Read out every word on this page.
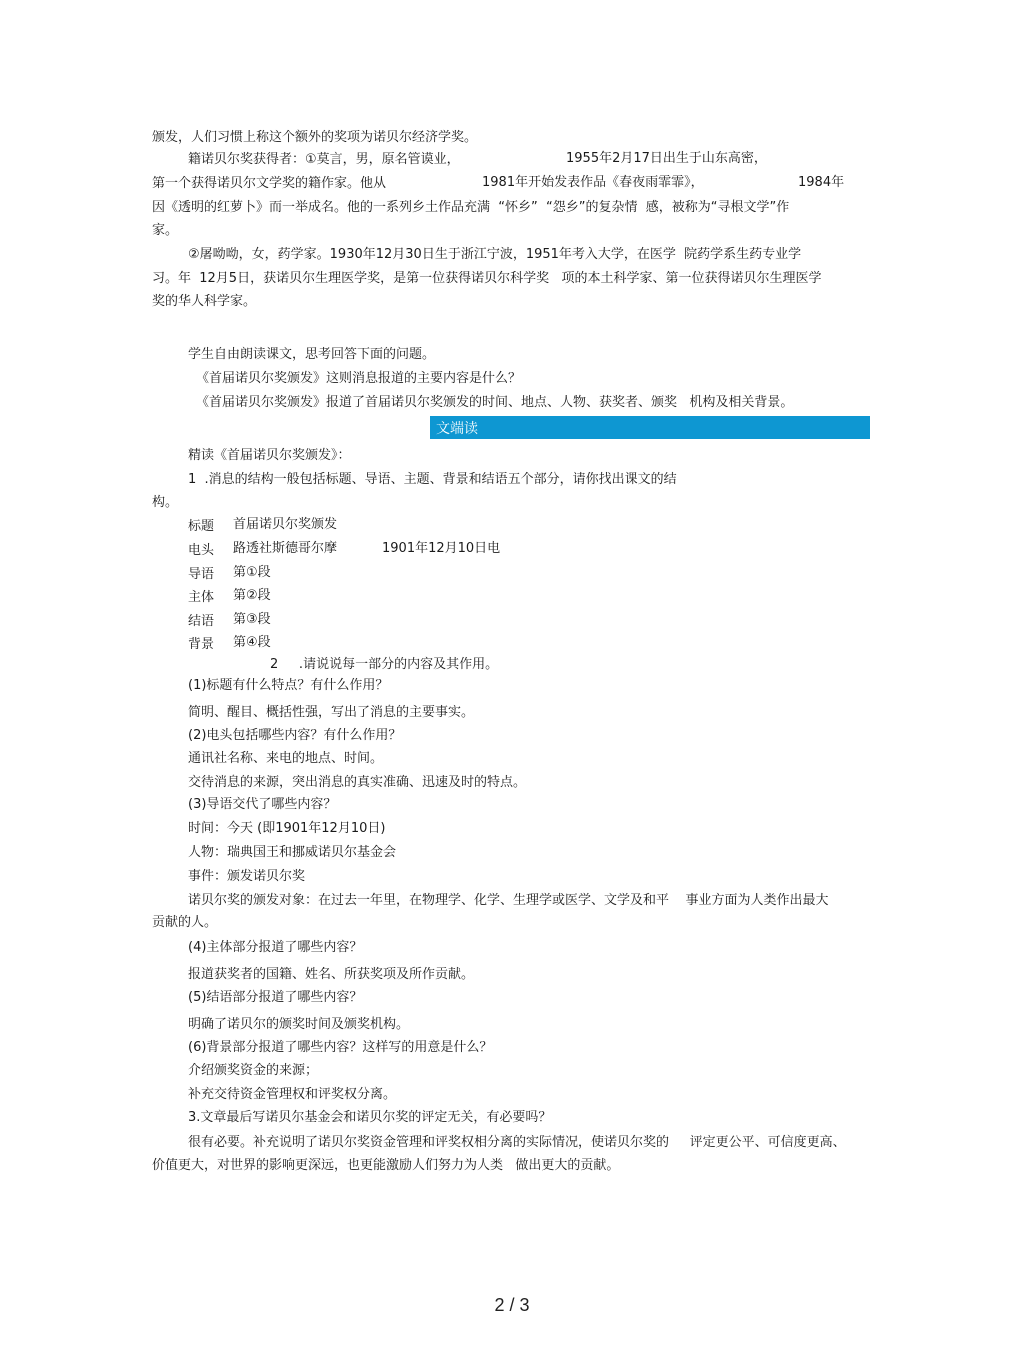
颁发，人们习惯上称这个额外的奖项为诺贝尔经济学奖。
籍诺贝尔奖获得者：①莫言，男，原名管谟业，	1955年2月17日出生于山东高密，
第一个获得诺贝尔文学奖的籍作家。他从	1981年开始发表作品《春夜雨霏霏》，	1984年
因《透明的红萝卜》而一举成名。他的一系列乡土作品充满  “怀乡”  “怨乡”的复杂情  感，被称为“寻根文学”作
家。
②屠呦呦，女，药学家。1930年12月30日生于浙江宁波，1951年考入大学，在医学  院药学系生药专业学
习。年  12月5日，获诺贝尔生理医学奖，是第一位获得诺贝尔科学奖   项的本土科学家、第一位获得诺贝尔生理医学
奖的华人科学家。
学生自由朗读课文，思考回答下面的问题。
《首届诺贝尔奖颁发》这则消息报道的主要内容是什么？
《首届诺贝尔奖颁发》报道了首届诺贝尔奖颁发的时间、地点、人物、获奖者、颁奖   机构及相关背景。
精读《首届诺贝尔奖颁发》：
1  .消息的结构一般包括标题、导语、主题、背景和结语五个部分，请你找出课文的结
构。
标题 首届诺贝尔奖颁发
电头 路透社斯德哥尔摩	1901年12月10日电
导语 第①段
主体 第②段
结语 第③段
背景 第④段
2     .请说说每一部分的内容及其作用。
(1)标题有什么特点？有什么作用？
简明、醒目、概括性强，写出了消息的主要事实。
(2)电头包括哪些内容？有什么作用？
通讯社名称、来电的地点、时间。
交待消息的来源，突出消息的真实准确、迅速及时的特点。
(3)导语交代了哪些内容？
时间：今天 (即1901年12月10日)
人物：瑞典国王和挪威诺贝尔基金会
事件：颁发诺贝尔奖
诺贝尔奖的颁发对象：在过去一年里，在物理学、化学、生理学或医学、文学及和平    事业方面为人类作出最大
贡献的人。
(4)主体部分报道了哪些内容？
报道获奖者的国籍、姓名、所获奖项及所作贡献。
(5)结语部分报道了哪些内容？
明确了诺贝尔的颁奖时间及颁奖机构。
(6)背景部分报道了哪些内容？这样写的用意是什么？
介绍颁奖资金的来源；
补充交待资金管理权和评奖权分离。
3.文章最后写诺贝尔基金会和诺贝尔奖的评定无关，有必要吗？
很有必要。补充说明了诺贝尔奖资金管理和评奖权相分离的实际情况，使诺贝尔奖的     评定更公平、可信度更高、
价值更大，对世界的影响更深远，也更能激励人们努力为人类   做出更大的贡献。
文端读
2 / 3
